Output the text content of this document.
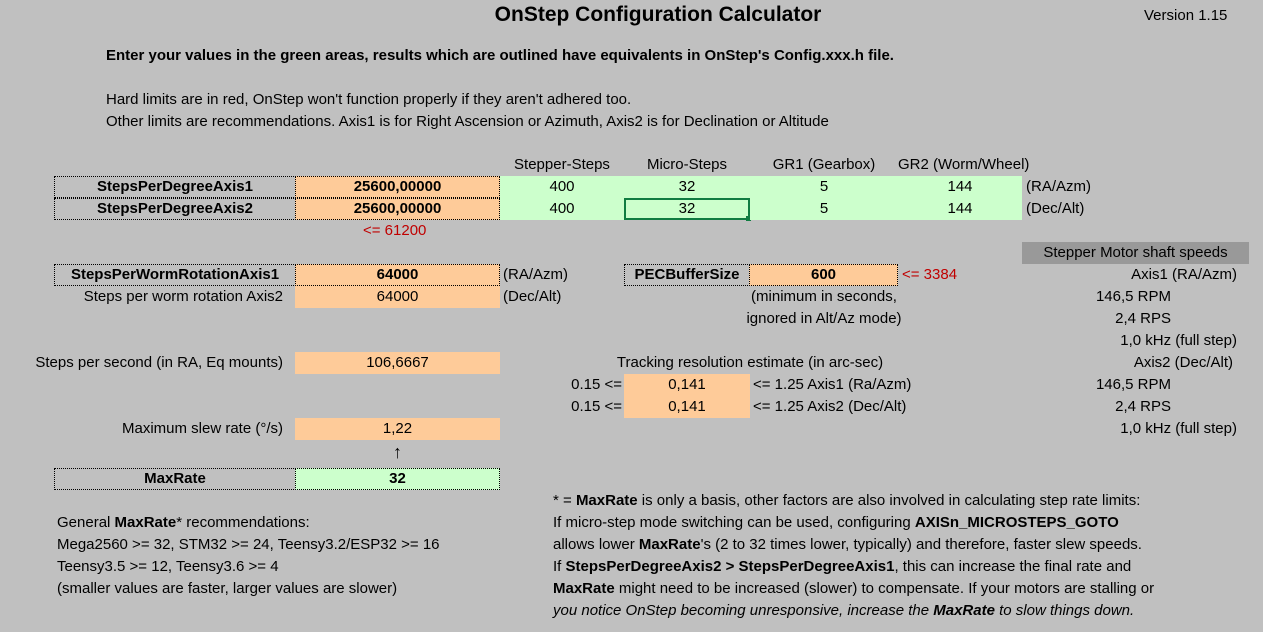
OnStep Configuration Calculator	Version 1.15
Enter your values in the green areas, results which are outlined have equivalents in OnStep's Config.xxx.h file.
Hard limits are in red, OnStep won't function properly if they aren't adhered too.
Other limits are recommendations. Axis1 is for Right Ascension or Azimuth, Axis2 is for Declination or Altitude
Stepper-Steps	Micro-Steps	GR1 (Gearbox)	GR2 (Worm/Wheel)
StepsPerDegreeAxis1	25600,00000	400	32	5	144	(RA/Azm)
StepsPerDegreeAxis2	25600,00000	400	32	5	144	(Dec/Alt)
<= 61200
StepsPerWormRotationAxis1	64000	(RA/Azm)
Steps per worm rotation Axis2	64000	(Dec/Alt)
PECBufferSize	600	<= 3384
(minimum in seconds,
ignored in Alt/Az mode)
Steps per second (in RA, Eq mounts)	106,6667	Tracking resolution estimate (in arc-sec)
0.15 <=	0,141	<= 1.25 Axis1 (Ra/Azm)
0.15 <=	0,141	<= 1.25 Axis2 (Dec/Alt)
Maximum slew rate (°/s)	1,22
↑
MaxRate	32
Stepper Motor shaft speeds
Axis1 (RA/Azm)
146,5 RPM
2,4 RPS
1,0 kHz (full step)
Axis2 (Dec/Alt)
146,5 RPM
2,4 RPS
1,0 kHz (full step)
General MaxRate* recommendations:
Mega2560 >= 32, STM32 >= 24, Teensy3.2/ESP32 >= 16
Teensy3.5 >= 12, Teensy3.6 >= 4
(smaller values are faster, larger values are slower)
* = MaxRate is only a basis, other factors are also involved in calculating step rate limits:
If micro-step mode switching can be used, configuring AXISn_MICROSTEPS_GOTO
allows lower MaxRate's (2 to 32 times lower, typically) and therefore, faster slew speeds.
If StepsPerDegreeAxis2 > StepsPerDegreeAxis1, this can increase the final rate and
MaxRate might need to be increased (slower) to compensate. If your motors are stalling or
you notice OnStep becoming unresponsive, increase the MaxRate to slow things down.
